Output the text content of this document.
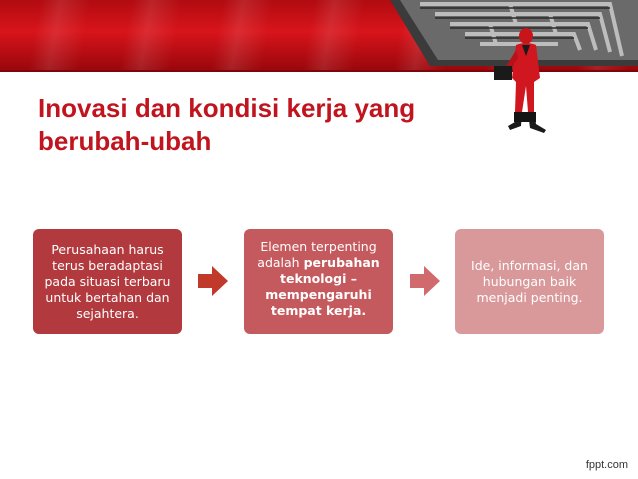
Inovasi dan kondisi kerja yang
berubah-ubah
Perusahaan harus terus beradaptasi pada situasi terbaru untuk bertahan dan sejahtera.
Elemen terpenting adalah perubahan teknologi – mempengaruhi tempat kerja.
Ide, informasi, dan hubungan baik menjadi penting.
fppt.com
